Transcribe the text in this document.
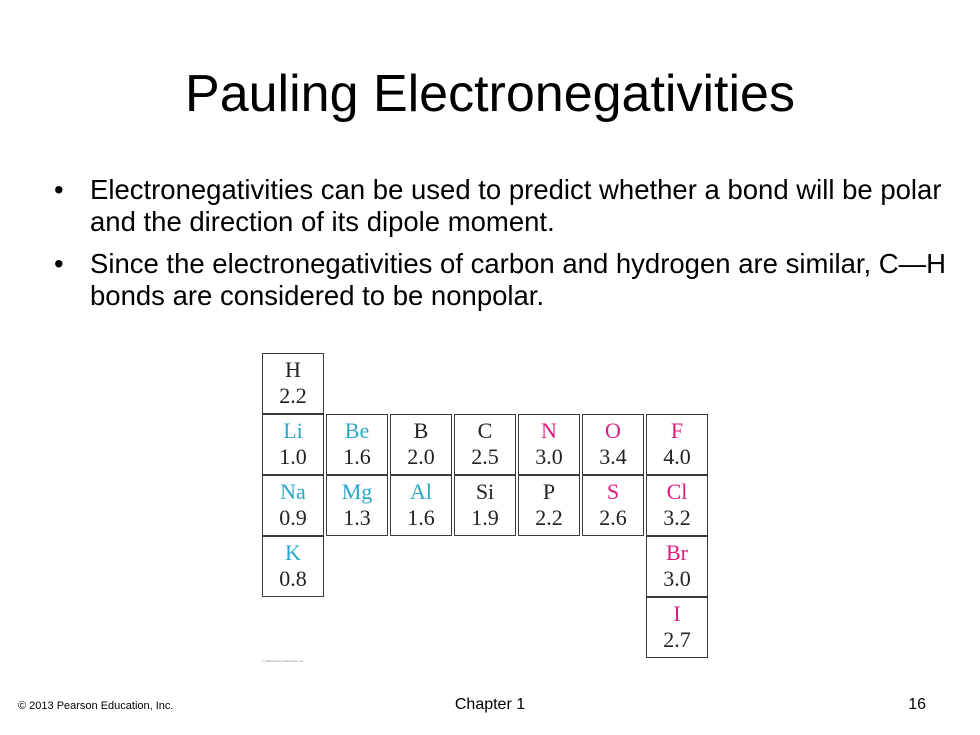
Pauling Electronegativities
• Electronegativities can be used to predict whether a bond will be polar and the direction of its dipole moment.
• Since the electronegativities of carbon and hydrogen are similar, C—H bonds are considered to be nonpolar.
© 2013 Pearson Education, Inc.
H
2.2
Li
1.0
Be
1.6
B
2.0
C
2.5
N
3.0
O
3.4
F
4.0
Na
0.9
Mg
1.3
Al
1.6
Si
1.9
P
2.2
S
2.6
Cl
3.2
K
0.8
Br
3.0
I
2.7
© 2013 Pearson Education, Inc.	Chapter 1	16
